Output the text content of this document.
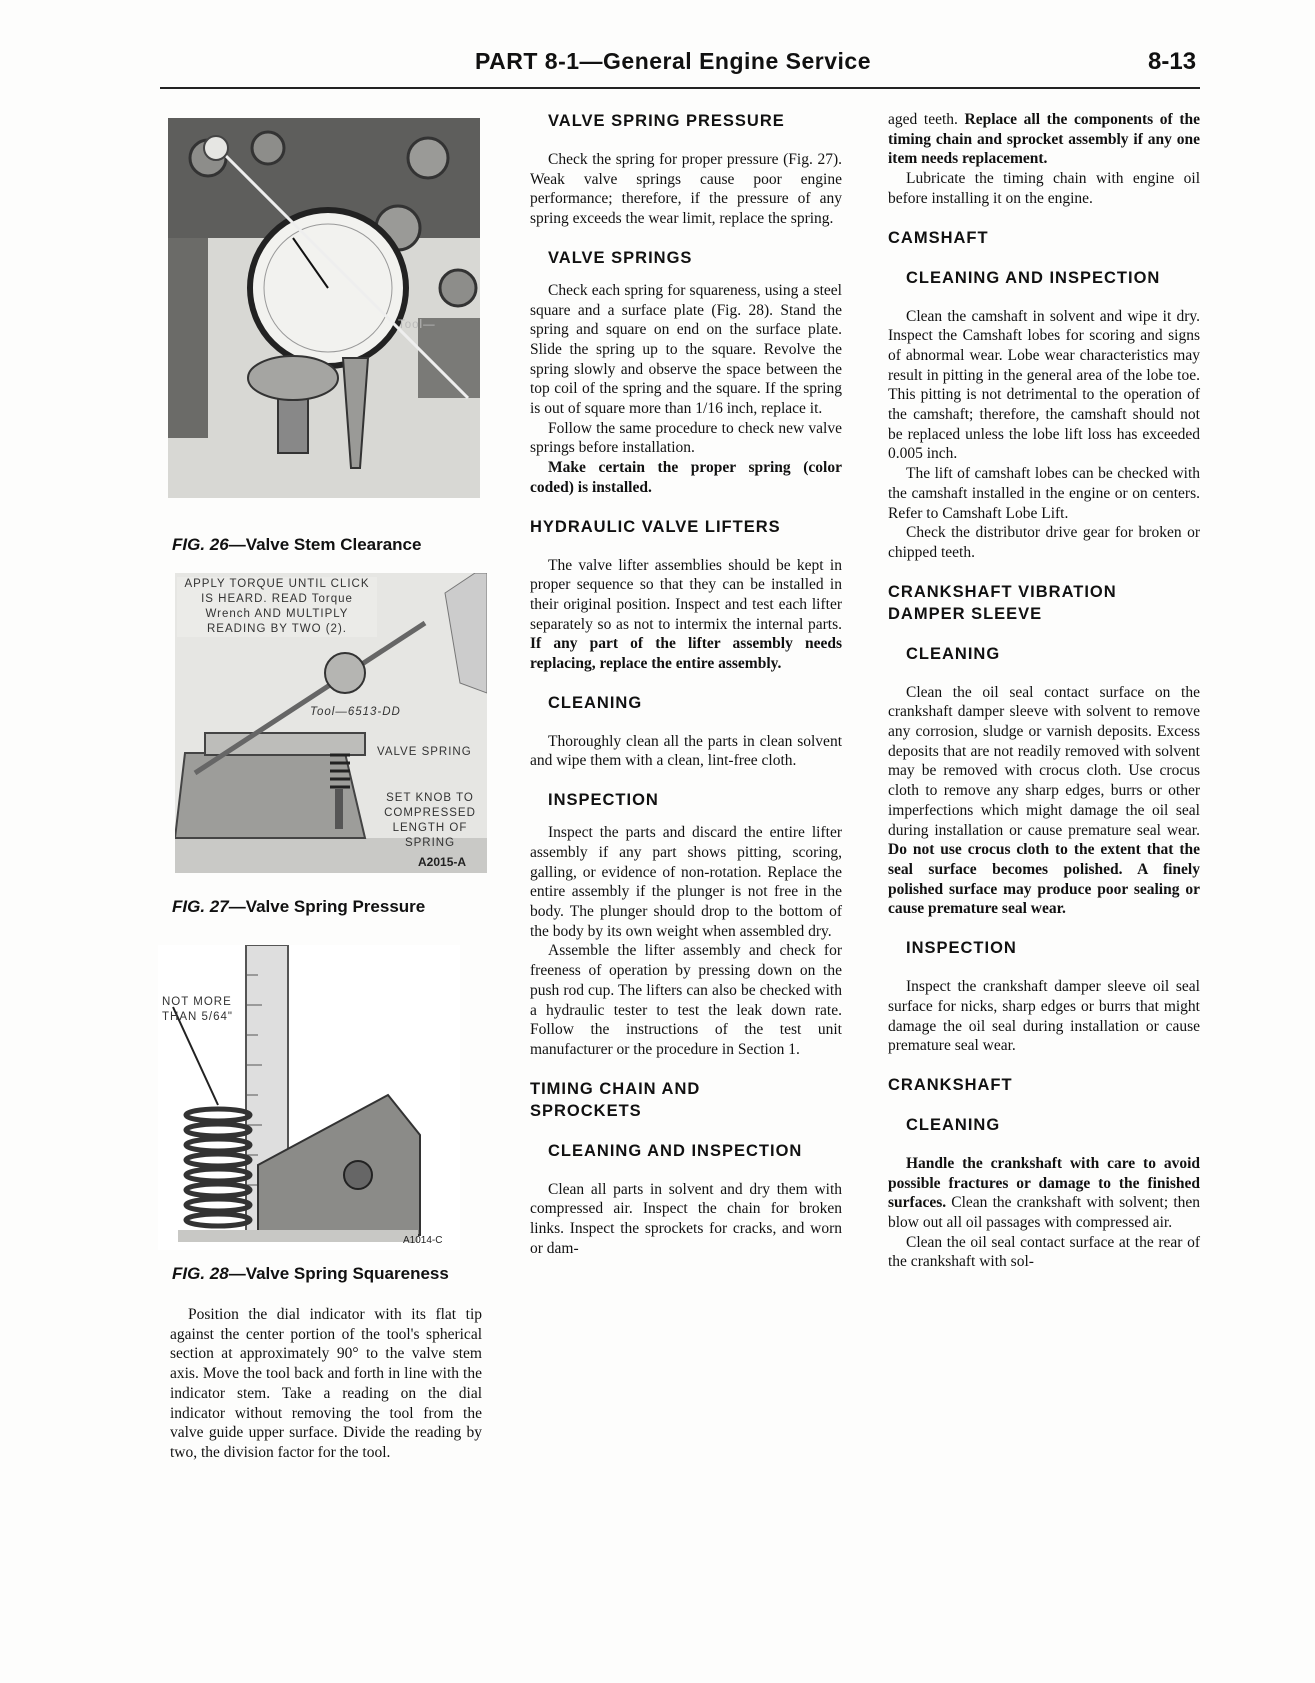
PART 8-1—General Engine Service	8-13
Tool—
FIG. 26—Valve Stem Clearance
APPLY TORQUE UNTIL CLICK IS HEARD. READ Torque Wrench AND MULTIPLY READING BY TWO (2).
Tool—6513-DD
VALVE SPRING
SET KNOB TO COMPRESSED LENGTH OF SPRING
A2015-A
FIG. 27—Valve Spring Pressure
NOT MORE THAN 5/64"
A1014-C
FIG. 28—Valve Spring Squareness

Position the dial indicator with its flat tip against the center portion of the tool's spherical section at approximately 90° to the valve stem axis. Move the tool back and forth in line with the indicator stem. Take a reading on the dial indicator without removing the tool from the valve guide upper surface. Divide the reading by two, the division factor for the tool.

VALVE SPRING PRESSURE

Check the spring for proper pressure (Fig. 27). Weak valve springs cause poor engine performance; therefore, if the pressure of any spring exceeds the wear limit, replace the spring.

VALVE SPRINGS

Check each spring for squareness, using a steel square and a surface plate (Fig. 28). Stand the spring and square on end on the surface plate. Slide the spring up to the square. Revolve the spring slowly and observe the space between the top coil of the spring and the square. If the spring is out of square more than 1/16 inch, replace it.

Follow the same procedure to check new valve springs before installation.

Make certain the proper spring (color coded) is installed.

HYDRAULIC VALVE LIFTERS

The valve lifter assemblies should be kept in proper sequence so that they can be installed in their original position. Inspect and test each lifter separately so as not to intermix the internal parts. If any part of the lifter assembly needs replacing, replace the entire assembly.

CLEANING

Thoroughly clean all the parts in clean solvent and wipe them with a clean, lint-free cloth.

INSPECTION

Inspect the parts and discard the entire lifter assembly if any part shows pitting, scoring, galling, or evidence of non-rotation. Replace the entire assembly if the plunger is not free in the body. The plunger should drop to the bottom of the body by its own weight when assembled dry.

Assemble the lifter assembly and check for freeness of operation by pressing down on the push rod cup. The lifters can also be checked with a hydraulic tester to test the leak down rate. Follow the instructions of the test unit manufacturer or the procedure in Section 1.

TIMING CHAIN AND SPROCKETS
CLEANING AND INSPECTION

Clean all parts in solvent and dry them with compressed air. Inspect the chain for broken links. Inspect the sprockets for cracks, and worn or dam-

aged teeth. Replace all the components of the timing chain and sprocket assembly if any one item needs replacement.

Lubricate the timing chain with engine oil before installing it on the engine.

CAMSHAFT
CLEANING AND INSPECTION

Clean the camshaft in solvent and wipe it dry. Inspect the Camshaft lobes for scoring and signs of abnormal wear. Lobe wear characteristics may result in pitting in the general area of the lobe toe. This pitting is not detrimental to the operation of the camshaft; therefore, the camshaft should not be replaced unless the lobe lift loss has exceeded 0.005 inch.

The lift of camshaft lobes can be checked with the camshaft installed in the engine or on centers. Refer to Camshaft Lobe Lift.

Check the distributor drive gear for broken or chipped teeth.

CRANKSHAFT VIBRATION DAMPER SLEEVE
CLEANING

Clean the oil seal contact surface on the crankshaft damper sleeve with solvent to remove any corrosion, sludge or varnish deposits. Excess deposits that are not readily removed with solvent may be removed with crocus cloth. Use crocus cloth to remove any sharp edges, burrs or other imperfections which might damage the oil seal during installation or cause premature seal wear. Do not use crocus cloth to the extent that the seal surface becomes polished. A finely polished surface may produce poor sealing or cause premature seal wear.

INSPECTION

Inspect the crankshaft damper sleeve oil seal surface for nicks, sharp edges or burrs that might damage the oil seal during installation or cause premature seal wear.

CRANKSHAFT
CLEANING

Handle the crankshaft with care to avoid possible fractures or damage to the finished surfaces. Clean the crankshaft with solvent; then blow out all oil passages with compressed air.

Clean the oil seal contact surface at the rear of the crankshaft with sol-
